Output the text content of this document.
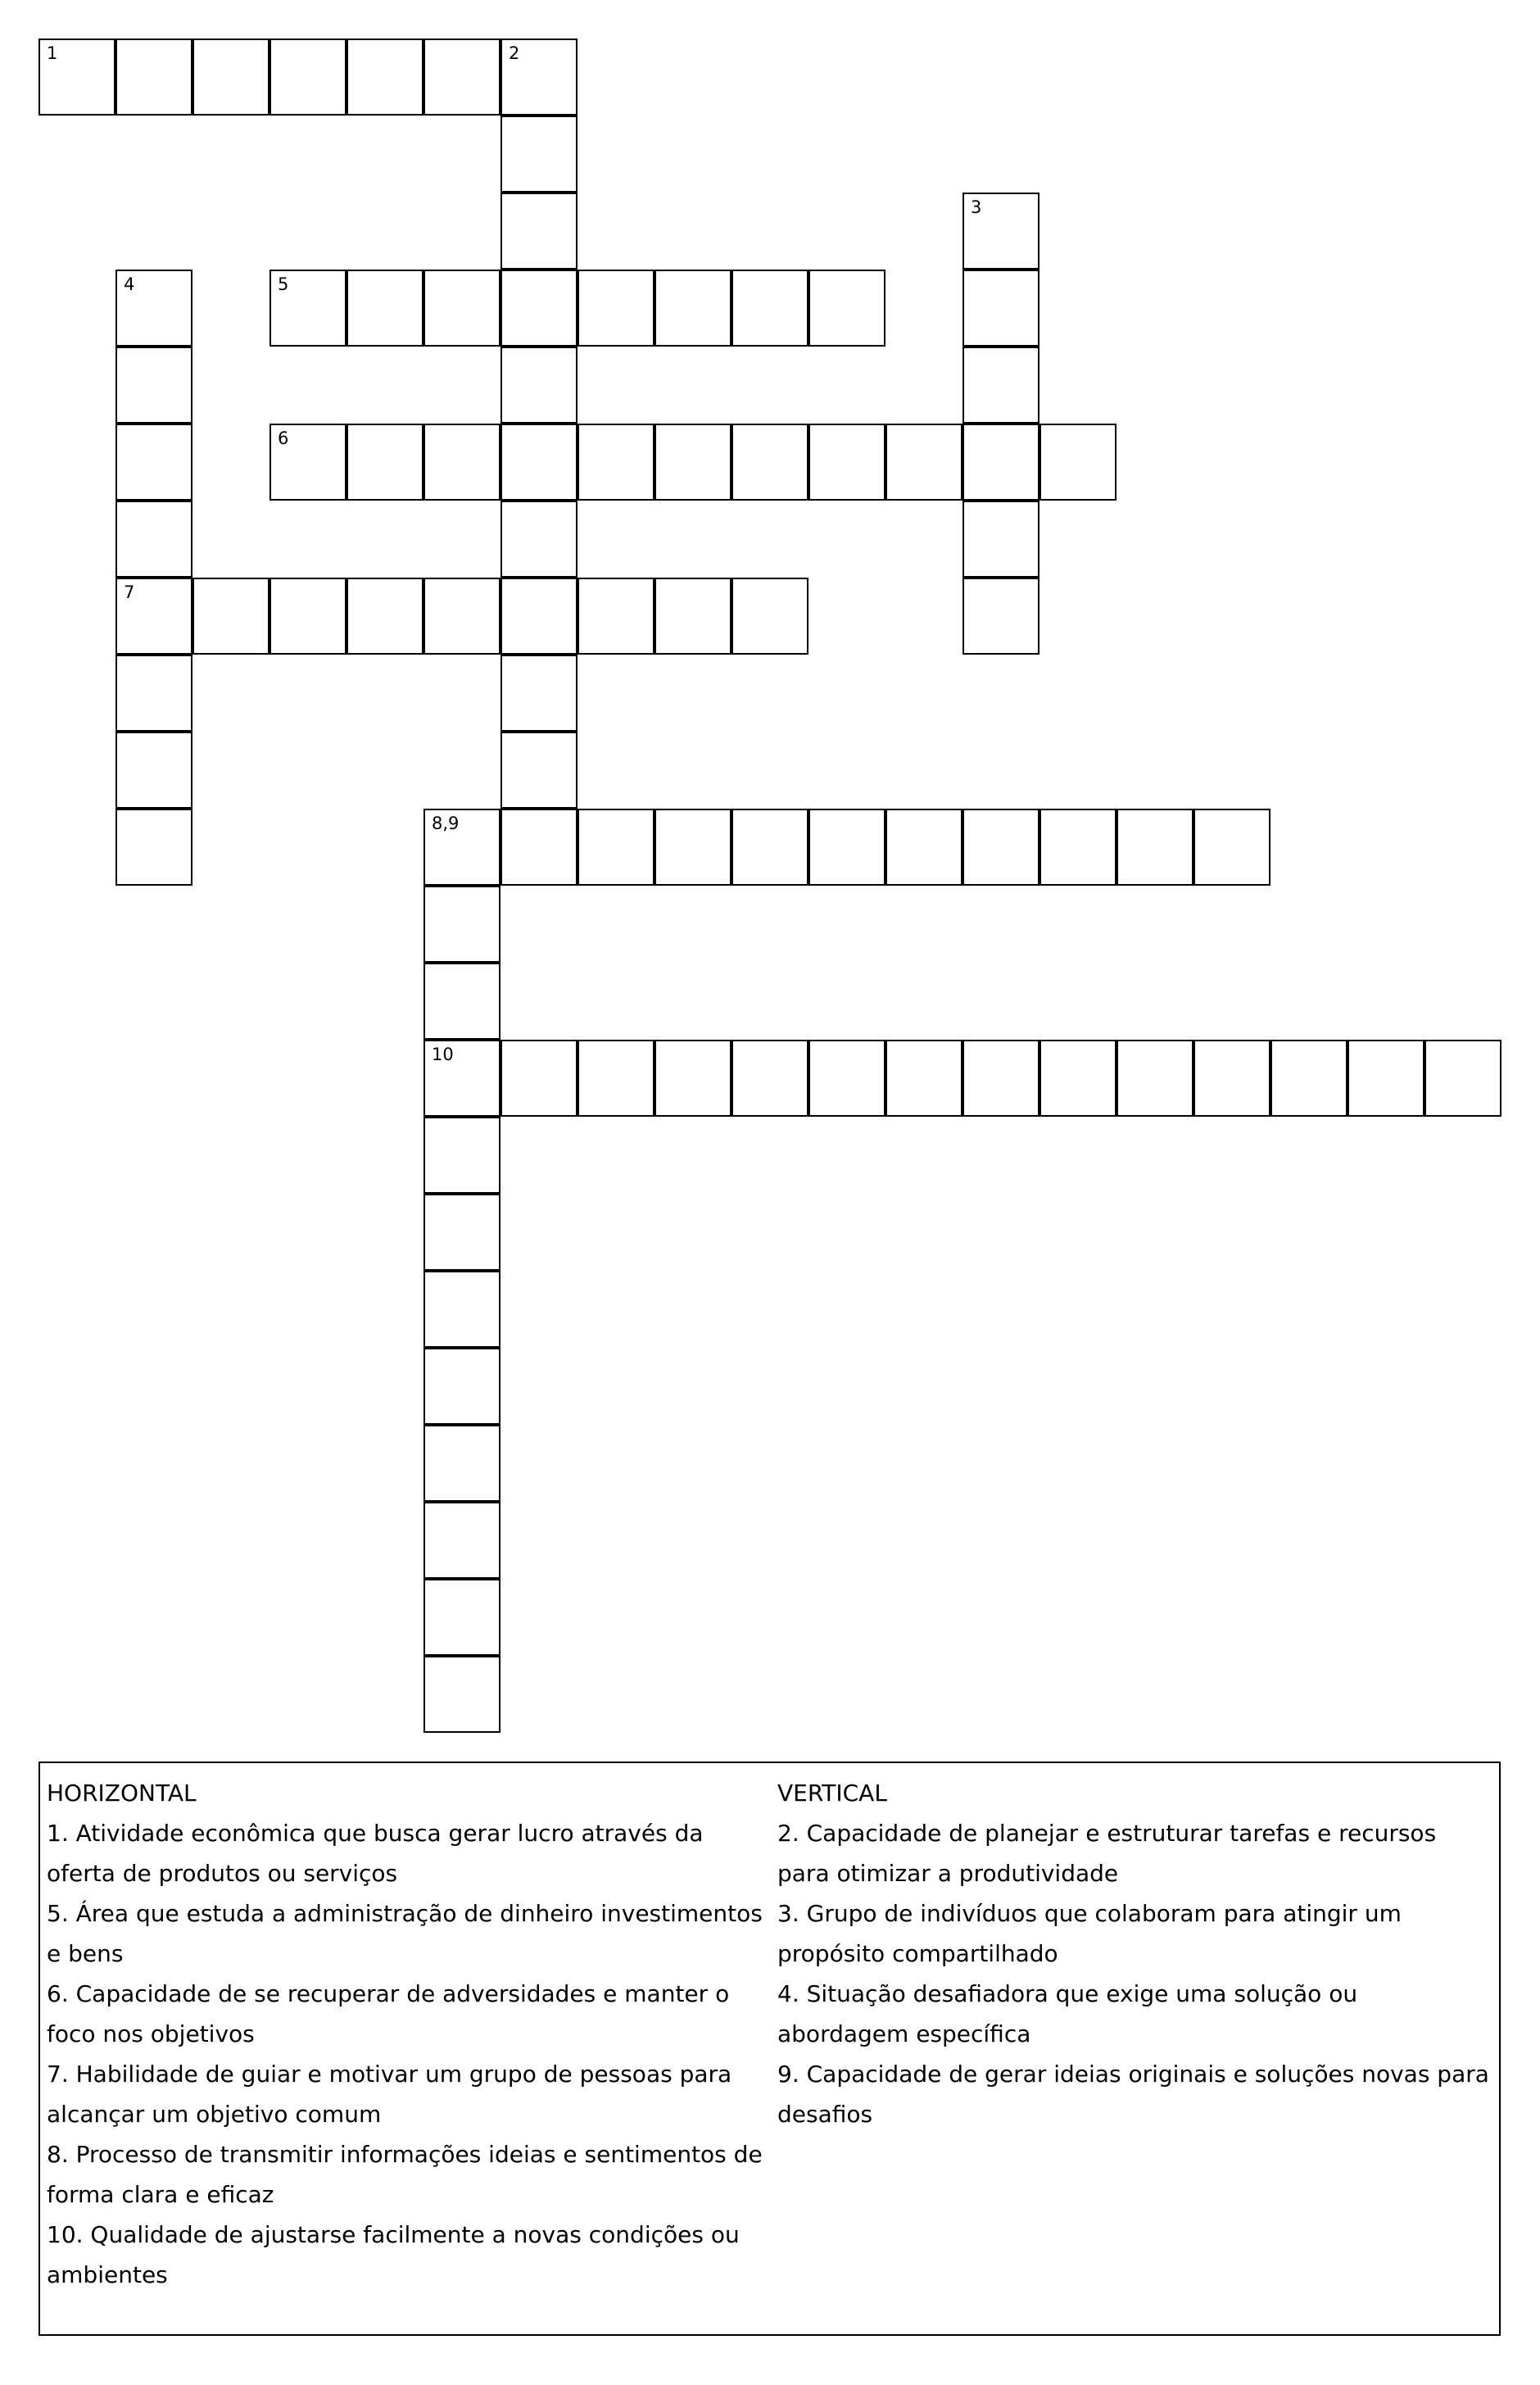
1	2
3
4
7
5
6
8,9
10

HORIZONTAL

1. Atividade econômica que busca gerar lucro através da oferta de produtos ou serviços

5. Área que estuda a administração de dinheiro investimentos e bens

6. Capacidade de se recuperar de adversidades e manter o foco nos objetivos

7. Habilidade de guiar e motivar um grupo de pessoas para alcançar um objetivo comum

8. Processo de transmitir informações ideias e sentimentos de forma clara e eficaz

10. Qualidade de ajustarse facilmente a novas condições ou ambientes

VERTICAL

2. Capacidade de planejar e estruturar tarefas e recursos para otimizar a produtividade

3. Grupo de indivíduos que colaboram para atingir um propósito compartilhado

4. Situação desafiadora que exige uma solução ou abordagem específica

9. Capacidade de gerar ideias originais e soluções novas para desafios
